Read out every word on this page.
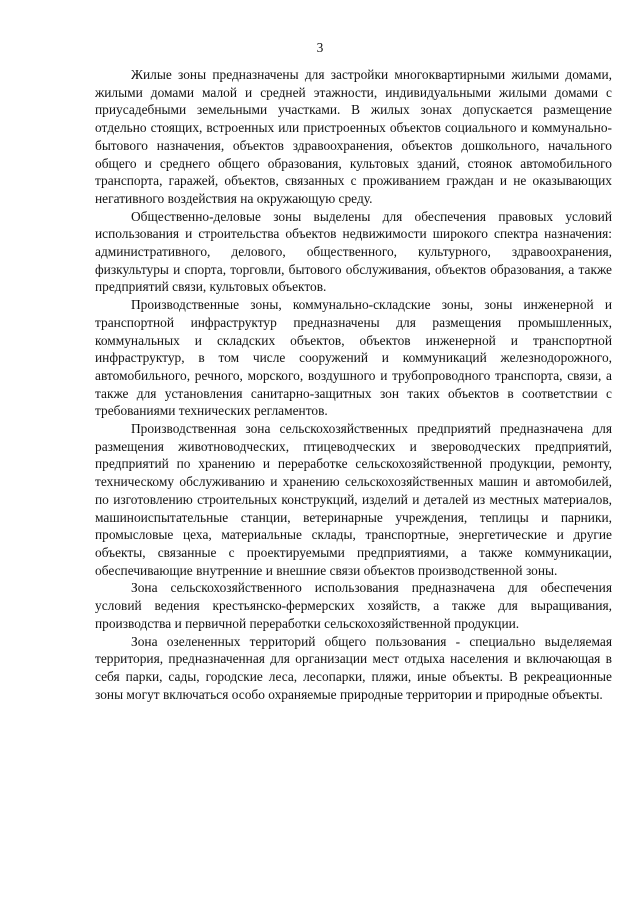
3

Жилые зоны предназначены для застройки многоквартирными жилыми домами, жилыми домами малой и средней этажности, индивидуальными жилыми домами с приусадебными земельными участками. В жилых зонах допускается размещение отдельно стоящих, встроенных или пристроенных объектов социального и коммунально-бытового назначения, объектов здравоохранения, объектов дошкольного, начального общего и среднего общего образования, культовых зданий, стоянок автомобильного транспорта, гаражей, объектов, связанных с проживанием граждан и не оказывающих негативного воздействия на окружающую среду.

Общественно-деловые зоны выделены для обеспечения правовых условий использования и строительства объектов недвижимости широкого спектра назначения: административного, делового, общественного, культурного, здравоохранения, физкультуры и спорта, торговли, бытового обслуживания, объектов образования, а также предприятий связи, культовых объектов.

Производственные зоны, коммунально-складские зоны, зоны инженерной и транспортной инфраструктур предназначены для размещения промышленных, коммунальных и складских объектов, объектов инженерной и транспортной инфраструктур, в том числе сооружений и коммуникаций железнодорожного, автомобильного, речного, морского, воздушного и трубопроводного транспорта, связи, а также для установления санитарно-защитных зон таких объектов в соответствии с требованиями технических регламентов.

Производственная зона сельскохозяйственных предприятий предназначена для размещения животноводческих, птицеводческих и звероводческих предприятий, предприятий по хранению и переработке сельскохозяйственной продукции, ремонту, техническому обслуживанию и хранению сельскохозяйственных машин и автомобилей, по изготовлению строительных конструкций, изделий и деталей из местных материалов, машиноиспытательные станции, ветеринарные учреждения, теплицы и парники, промысловые цеха, материальные склады, транспортные, энергетические и другие объекты, связанные с проектируемыми предприятиями, а также коммуникации, обеспечивающие внутренние и внешние связи объектов производственной зоны.

Зона сельскохозяйственного использования предназначена для обеспечения условий ведения крестьянско-фермерских хозяйств, а также для выращивания, производства и первичной переработки сельскохозяйственной продукции.

Зона озелененных территорий общего пользования - специально выделяемая территория, предназначенная для организации мест отдыха населения и включающая в себя парки, сады, городские леса, лесопарки, пляжи, иные объекты. В рекреационные зоны могут включаться особо охраняемые природные территории и природные объекты.
